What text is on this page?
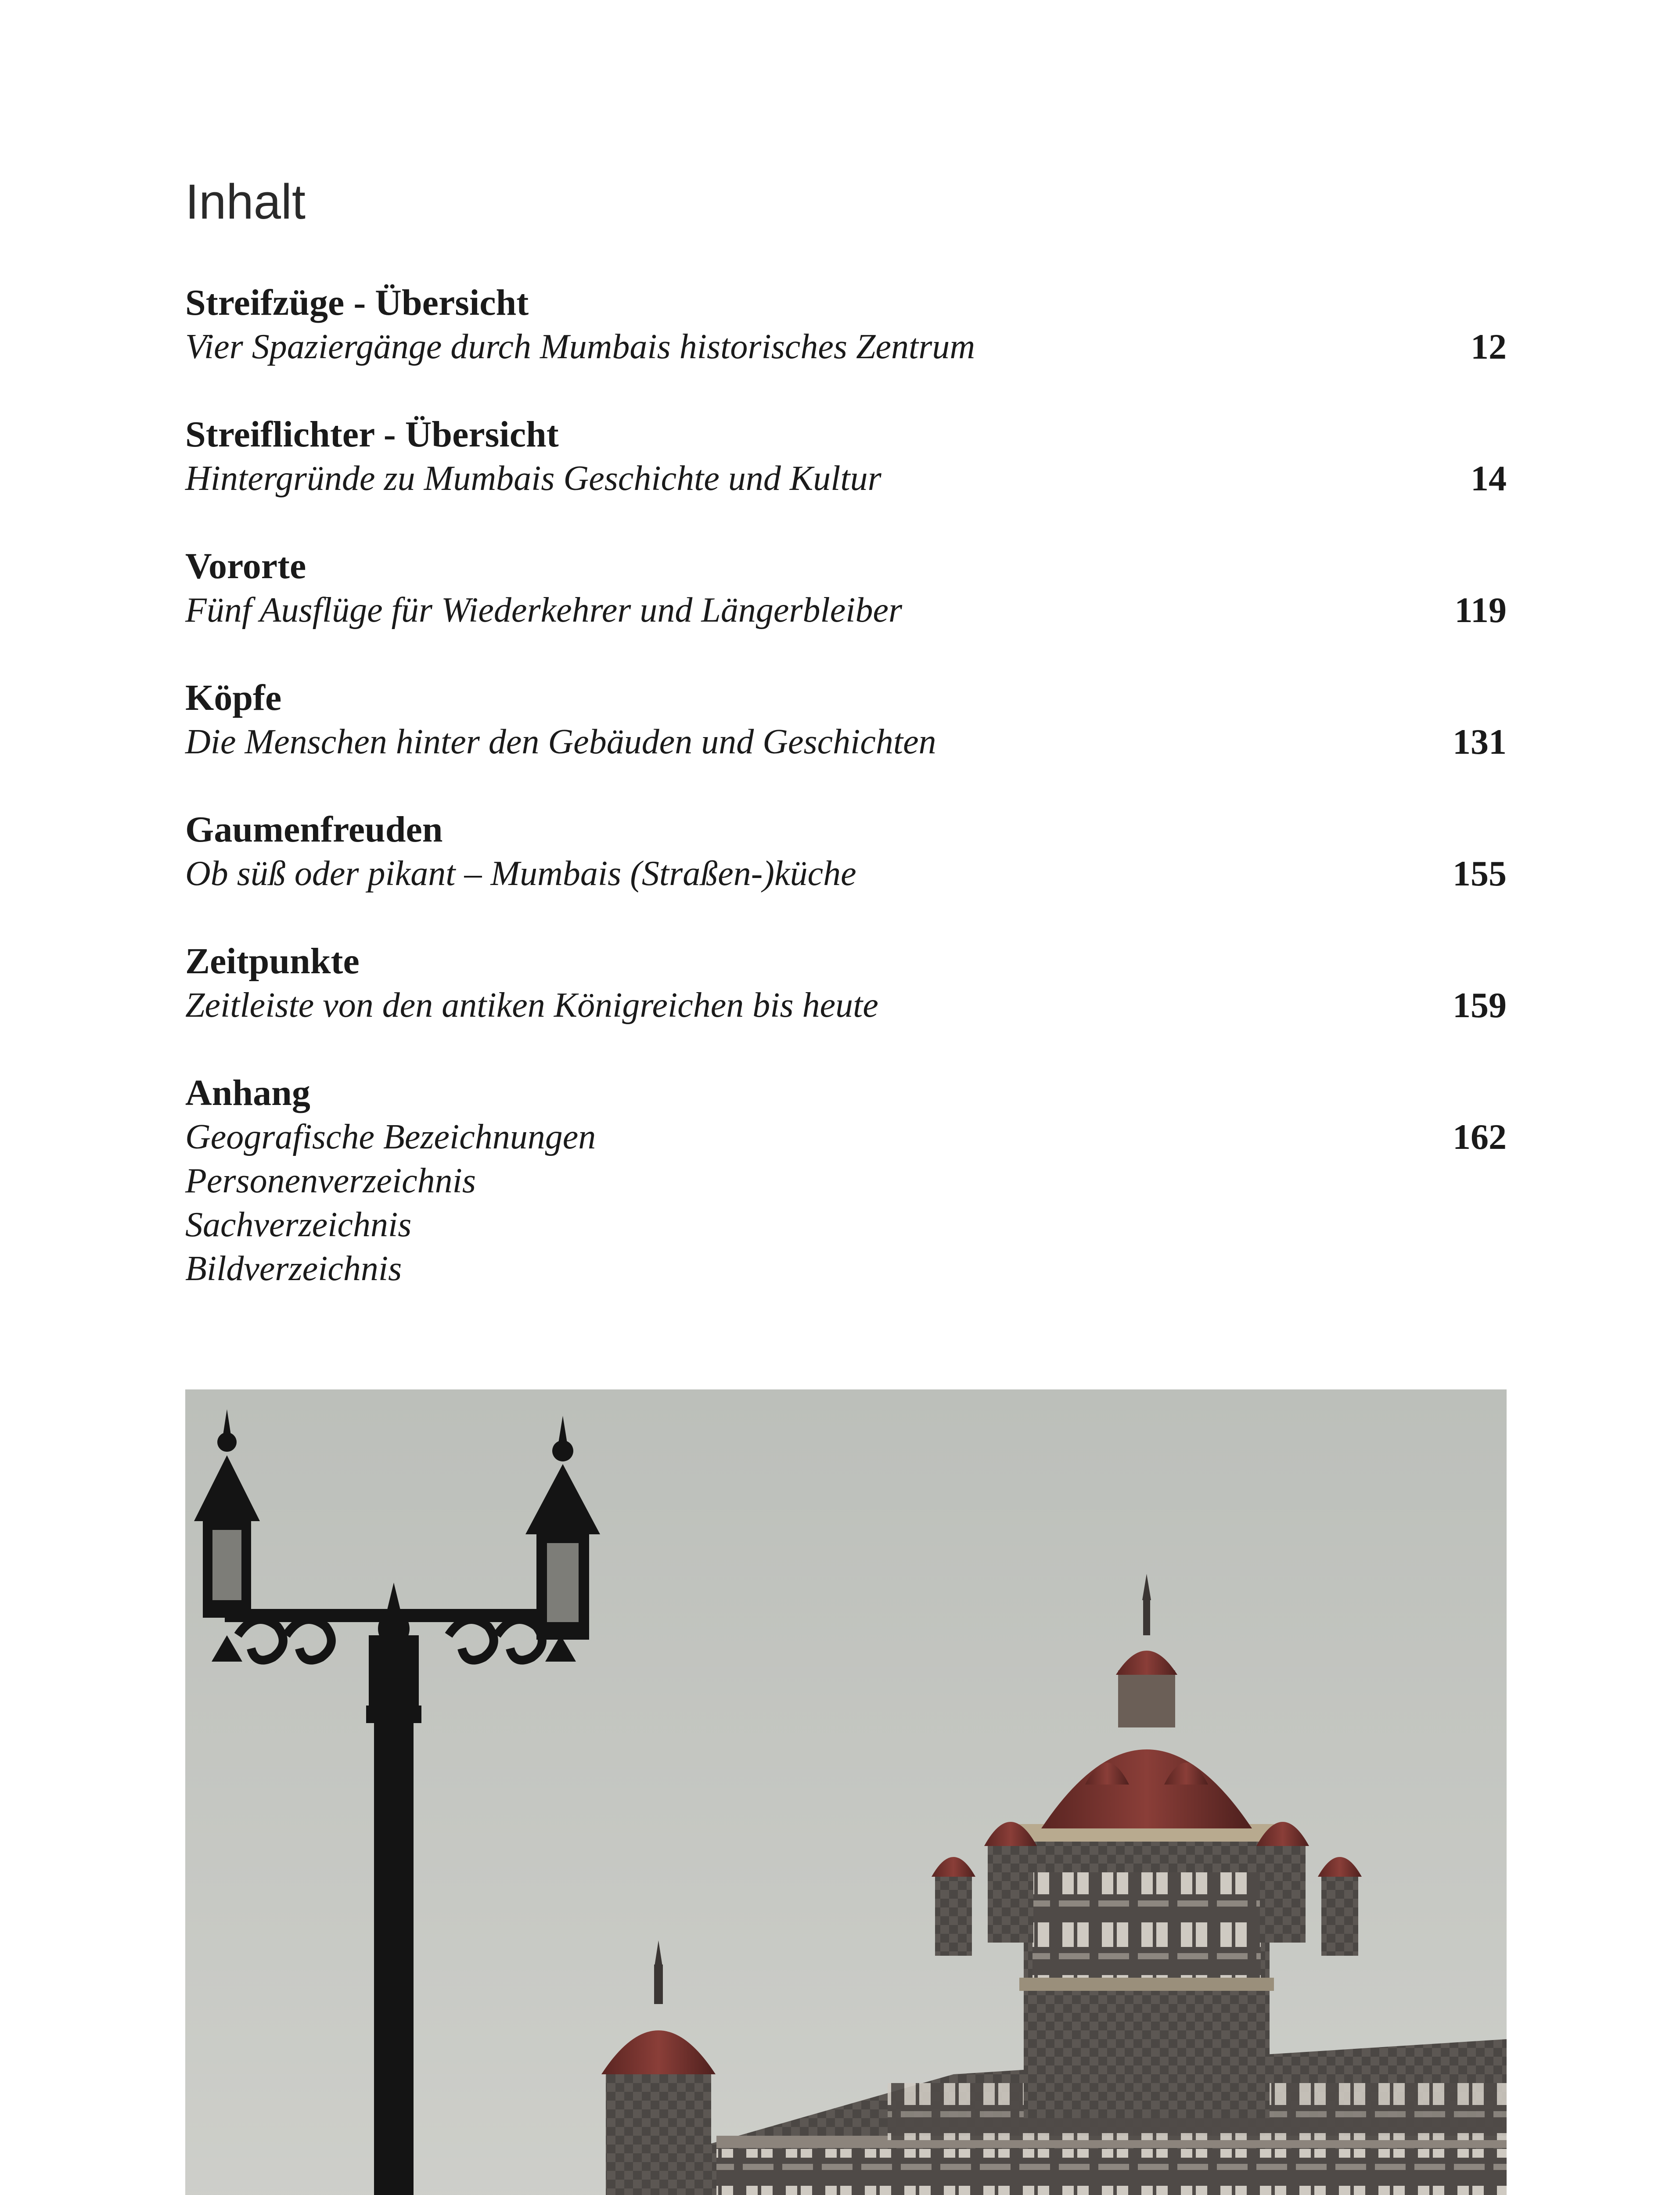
Inhalt
Streifzüge - Übersicht
Vier Spaziergänge durch Mumbais historisches Zentrum	12
Streiflichter - Übersicht
Hintergründe zu Mumbais Geschichte und Kultur	14
Vororte
Fünf Ausflüge für Wiederkehrer und Längerbleiber	119
Köpfe
Die Menschen hinter den Gebäuden und Geschichten	131
Gaumenfreuden
Ob süß oder pikant – Mumbais (Straßen-)küche	155
Zeitpunkte
Zeitleiste von den antiken Königreichen bis heute	159
Anhang
Geografische Bezeichnungen	162
Personenverzeichnis
Sachverzeichnis
Bildverzeichnis
